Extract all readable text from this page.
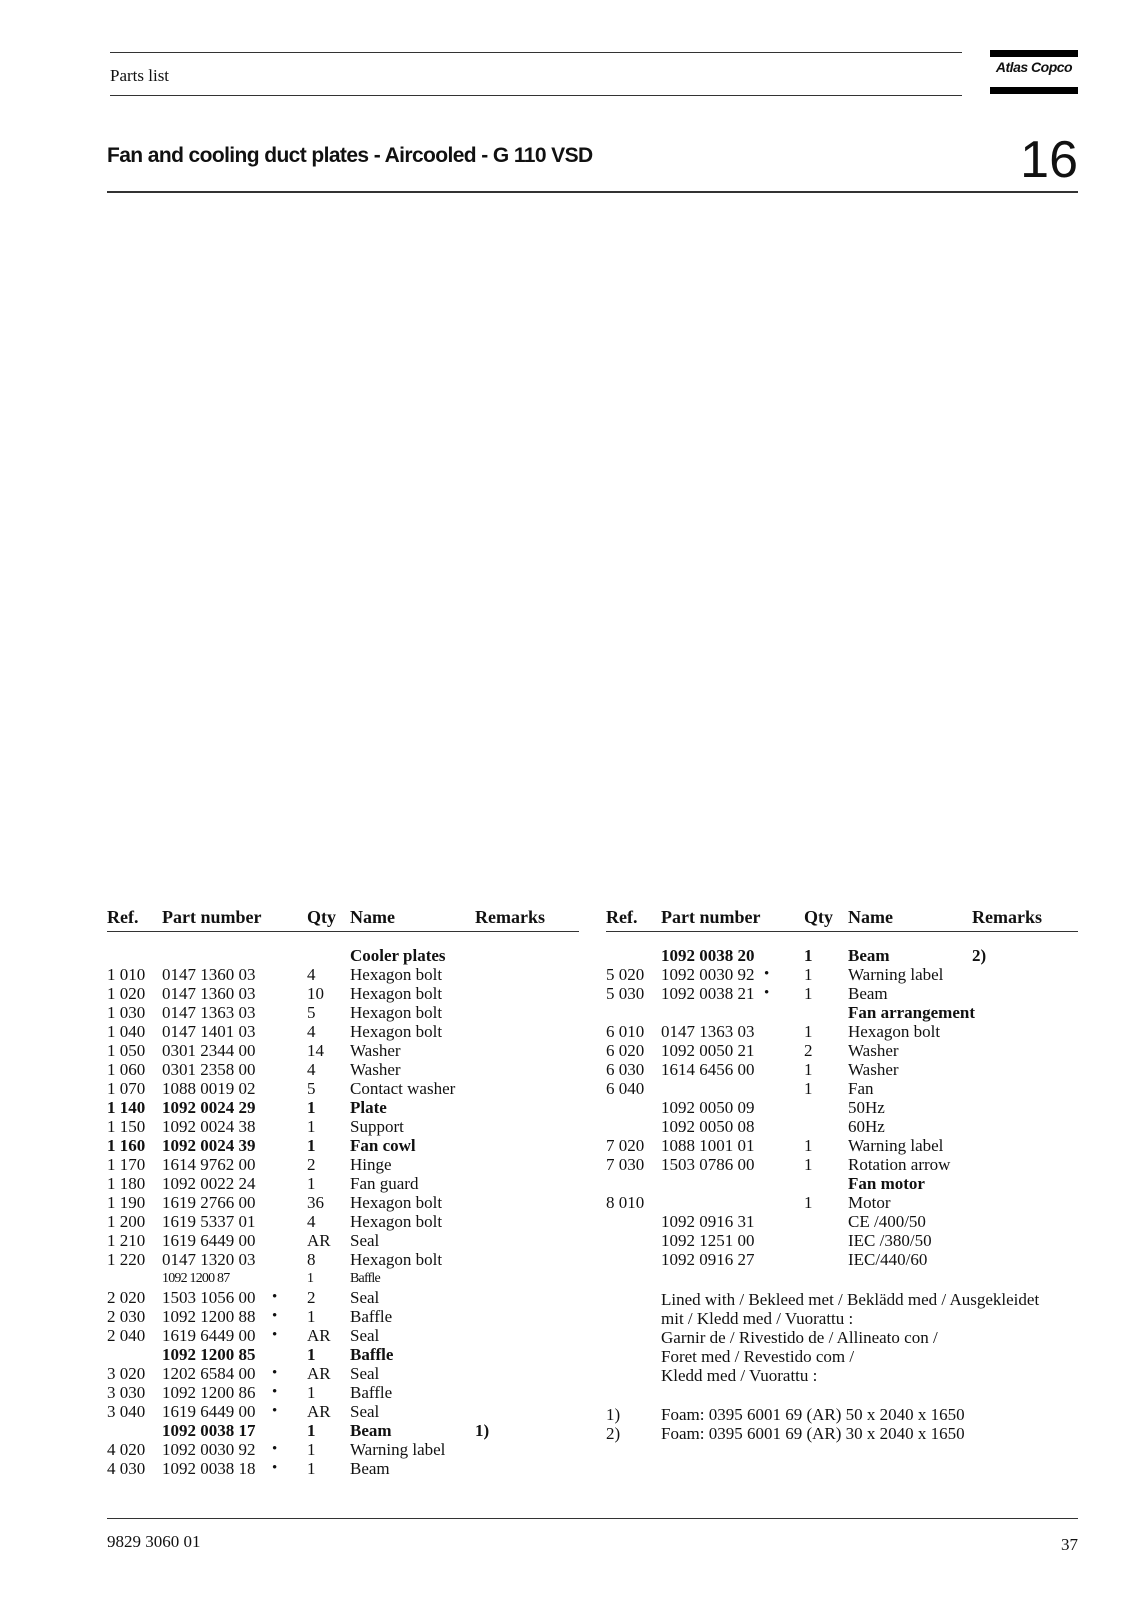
Parts list	Atlas Copco
Fan and cooling duct plates - Aircooled - G 110 VSD	16
Ref. Part number	Qty Name	Remarks	Ref. Part number Qty Name	Remarks
Cooler plates
1 010 0147 1360 03	4 Hexagon bolt
1 020 0147 1360 03	10 Hexagon bolt
1 030 0147 1363 03	5 Hexagon bolt
1 040 0147 1401 03	4 Hexagon bolt
1 050 0301 2344 00	14 Washer
1 060 0301 2358 00	4 Washer
1 070 1088 0019 02	5 Contact washer
1 140 1092 0024 29	1 Plate
1 150 1092 0024 38	1 Support
1 160 1092 0024 39	1 Fan cowl
1 170 1614 9762 00	2 Hinge
1 180 1092 0022 24	1 Fan guard
1 190 1619 2766 00	36 Hexagon bolt
1 200 1619 5337 01	4 Hexagon bolt
1 210 1619 6449 00	AR Seal
1 220 0147 1320 03	8 Hexagon bolt
1092 1200 87	1	Baffle
2 020 1503 1056 00 • 2 Seal
2 030 1092 1200 88 • 1 Baffle
2 040 1619 6449 00 • AR Seal
1092 1200 85	1 Baffle
3 020 1202 6584 00 • AR Seal
3 030 1092 1200 86 • 1 Baffle
3 040 1619 6449 00 • AR Seal
1092 0038 17	1 Beam	1)
4 020 1092 0030 92 • 1 Warning label
4 030 1092 0038 18 • 1 Beam
1092 0038 20	1 Beam	2)
5 020 1092 0030 92 • 1 Warning label
5 030 1092 0038 21 • 1 Beam
Fan arrangement
6 010 0147 1363 03	1 Hexagon bolt
6 020 1092 0050 21	2 Washer
6 030 1614 6456 00	1 Washer
6 040	1 Fan
1092 0050 09	50Hz
1092 0050 08	60Hz
7 020 1088 1001 01	1 Warning label
7 030 1503 0786 00	1 Rotation arrow
Fan motor
8 010	1 Motor
1092 0916 31	CE /400/50
1092 1251 00	IEC /380/50
1092 0916 27	IEC/440/60
Lined with / Bekleed met / Beklädd med / Ausgekleidet
mit / Kledd med / Vuorattu :
Garnir de / Rivestido de / Allineato con /
Foret med / Revestido com /
Kledd med / Vuorattu :
1) Foam: 0395 6001 69 (AR) 50 x 2040 x 1650
2) Foam: 0395 6001 69 (AR) 30 x 2040 x 1650
9829 3060 01	37
